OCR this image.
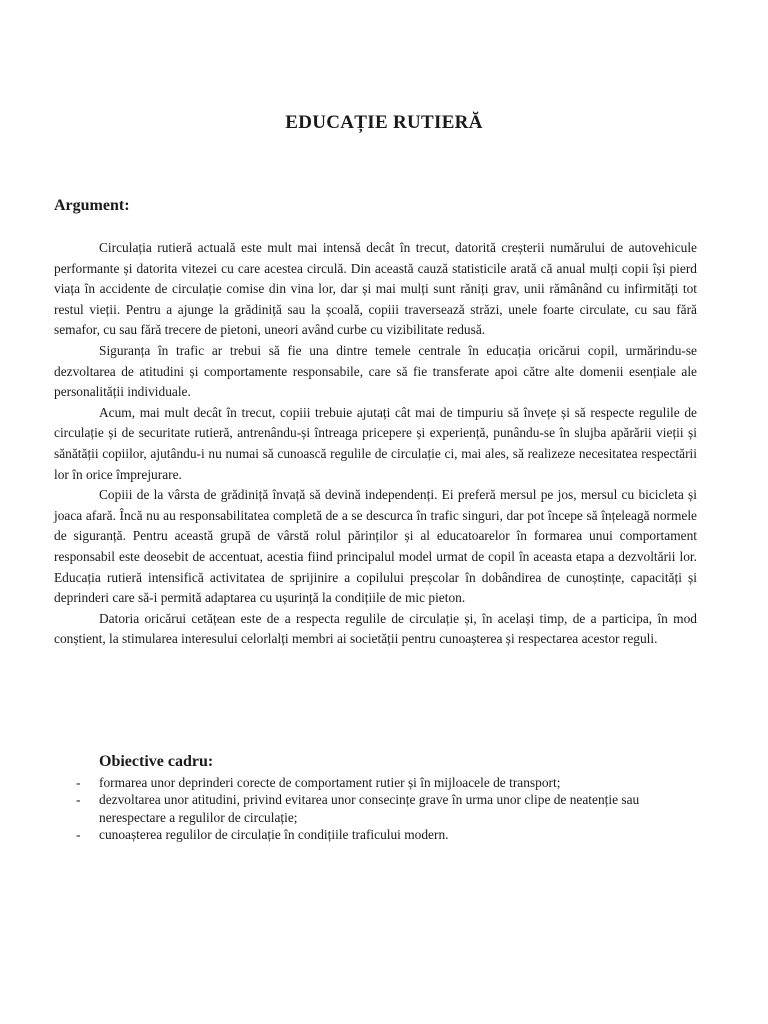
EDUCAȚIE RUTIERĂ
Argument:

Circulația rutieră actuală este mult mai intensă decât în trecut, datorită creșterii numărului de autovehicule performante și datorita vitezei cu care acestea circulă. Din această cauză statisticile arată că anual mulți copii își pierd viața în accidente de circulație comise din vina lor, dar și mai mulți sunt răniți grav, unii rămânând cu infirmități tot restul vieții. Pentru a ajunge la grădiniță sau la școală, copiii traversează străzi, unele foarte circulate, cu sau fără semafor, cu sau fără trecere de pietoni, uneori având curbe cu vizibilitate redusă.

Siguranța în trafic ar trebui să fie una dintre temele centrale în educația oricărui copil, urmărindu-se dezvoltarea de atitudini și comportamente responsabile, care să fie transferate apoi către alte domenii esențiale ale personalității individuale.

Acum, mai mult decât în trecut, copiii trebuie ajutați cât mai de timpuriu să învețe și să respecte regulile de circulație și de securitate rutieră, antrenându-și întreaga pricepere și experiență, punându-se în slujba apărării vieții și sănătății copiilor, ajutându-i nu numai să cunoască regulile de circulație ci, mai ales, să realizeze necesitatea respectării lor în orice împrejurare.

Copiii de la vârsta de grădiniță învață să devină independenți. Ei preferă mersul pe jos, mersul cu bicicleta și joaca afară. Încă nu au responsabilitatea completă de a se descurca în trafic singuri, dar pot începe să înțeleagă normele de siguranță. Pentru această grupă de vârstă rolul părinților și al educatoarelor în formarea unui comportament responsabil este deosebit de accentuat, acestia fiind principalul model urmat de copil în aceasta etapa a dezvoltării lor. Educația rutieră intensifică activitatea de sprijinire a copilului preșcolar în dobândirea de cunoștințe, capacități și deprinderi care să-i permită adaptarea cu ușurință la condițiile de mic pieton.

Datoria oricărui cetățean este de a respecta regulile de circulație și, în același timp, de a participa, în mod conștient, la stimularea interesului celorlalți membri ai societății pentru cunoașterea și respectarea acestor reguli.

Obiective cadru:
- formarea unor deprinderi corecte de comportament rutier și în mijloacele de transport;
- dezvoltarea unor atitudini, privind evitarea unor consecințe grave în urma unor clipe de neatenție sau nerespectare a regulilor de circulație;
- cunoașterea regulilor de circulație în condițiile traficului modern.
